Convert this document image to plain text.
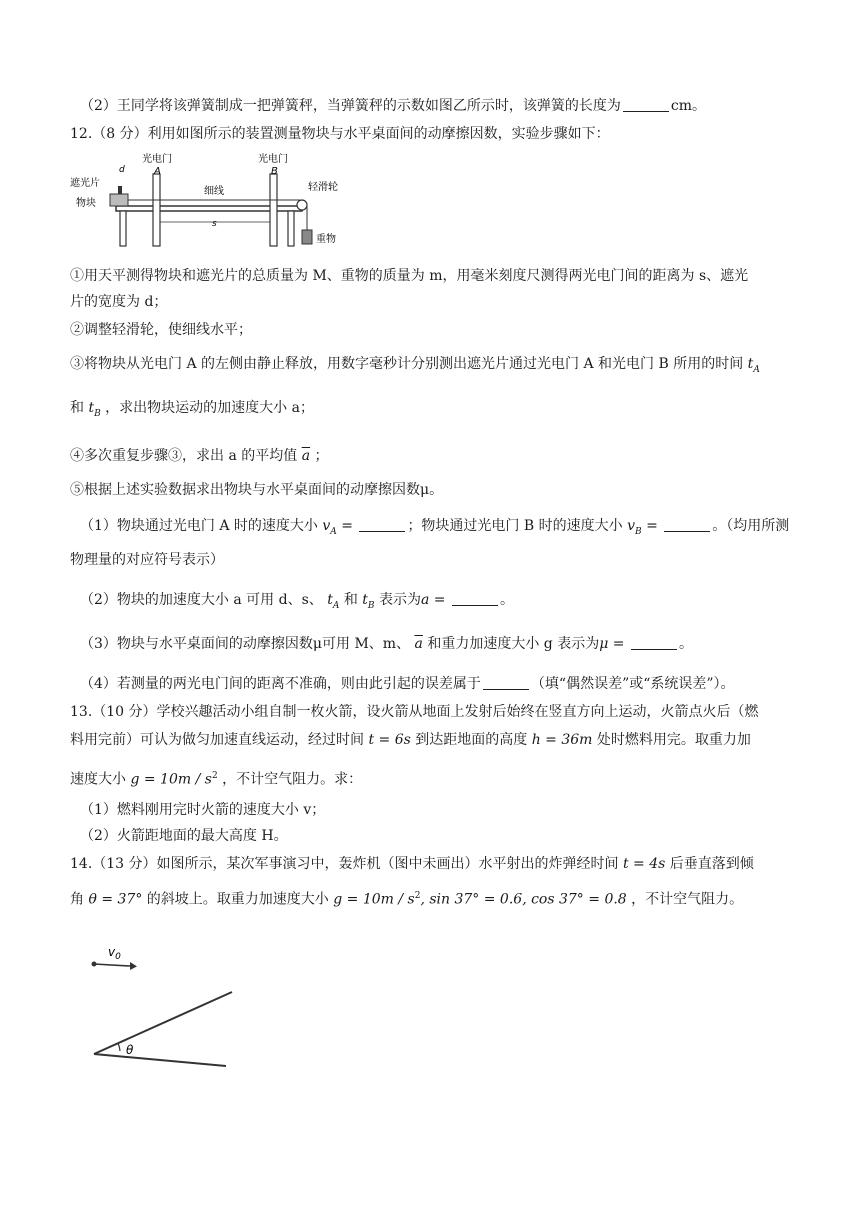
（2）王同学将该弹簧制成一把弹簧秤，当弹簧秤的示数如图乙所示时，该弹簧的长度为	cm。
12.（8 分）利用如图所示的装置测量物块与水平桌面间的动摩擦因数，实验步骤如下：
s
光电门
A
光电门
B
d
遮光片
物块
细线	轻滑轮
重物
①用天平测得物块和遮光片的总质量为 M、重物的质量为 m，用毫米刻度尺测得两光电门间的距离为 s、遮光
片的宽度为 d；
②调整轻滑轮，使细线水平；
③将物块从光电门 A 的左侧由静止释放，用数字毫秒计分别测出遮光片通过光电门 A 和光电门 B 所用的时间 $t_A$
和 $t_B$ ，求出物块运动的加速度大小 a；
④多次重复步骤③，求出 a 的平均值 $\overline{a}$ ；
⑤根据上述实验数据求出物块与水平桌面间的动摩擦因数μ。
（1）物块通过光电门 A 时的速度大小 $v_A$ =	；物块通过光电门 B 时的速度大小 $v_B$ =	。（均用所测
物理量的对应符号表示）
（2）物块的加速度大小 a 可用 d、s、 $t_A$ 和 $t_B$ 表示为a =	。
（3）物块与水平桌面间的动摩擦因数μ可用 M、m、 $\overline{a}$ 和重力加速度大小 g 表示为μ =	。
（4）若测量的两光电门间的距离不准确，则由此引起的误差属于	（填“偶然误差”或“系统误差”）。
13.（10 分）学校兴趣活动小组自制一枚火箭，设火箭从地面上发射后始终在竖直方向上运动，火箭点火后（燃
料用完前）可认为做匀加速直线运动，经过时间 t = 6s 到达距地面的高度 h = 36m 处时燃料用完。取重力加
速度大小 $g = 10m / s^2$ ，不计空气阻力。求：
（1）燃料刚用完时火箭的速度大小 v；
（2）火箭距地面的最大高度 H。
14.（13 分）如图所示，某次军事演习中，轰炸机（图中未画出）水平射出的炸弹经时间 t = 4s 后垂直落到倾
角 θ = 37° 的斜坡上。取重力加速度大小 $g = 10m / s^2$, sin 37° = 0.6, cos 37° = 0.8 ，不计空气阻力。
$v_0$
θ
